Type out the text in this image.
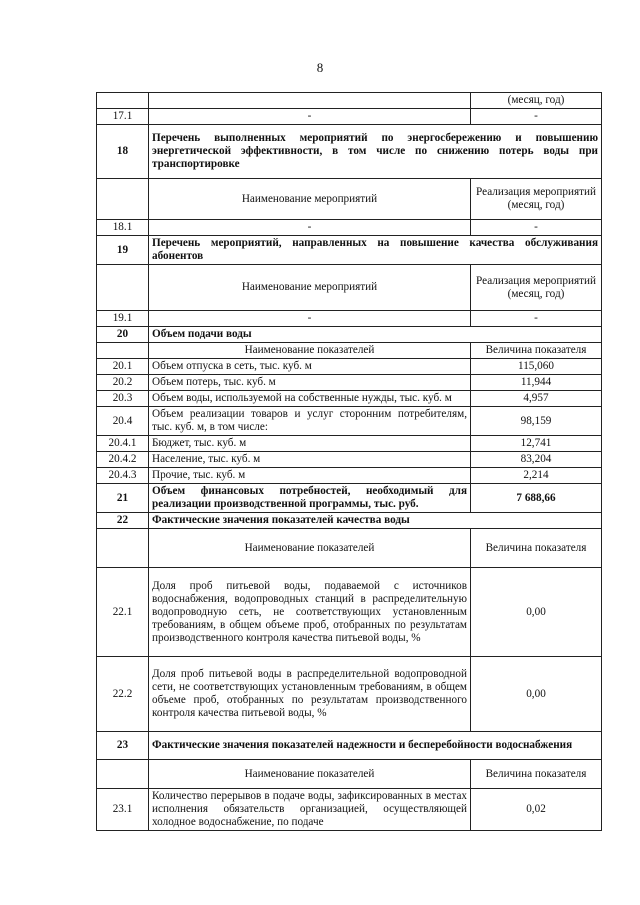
8
		(месяц, год)
17.1	-	-
18	Перечень выполненных мероприятий по энергосбережению и повышению энергетической эффективности, в том числе по снижению потерь воды при транспортировке	
	Наименование мероприятий	Реализация мероприятий (месяц, год)
18.1	-	-
19	Перечень мероприятий, направленных на повышение качества обслуживания абонентов	
	Наименование мероприятий	Реализация мероприятий (месяц, год)
19.1	-	-
20	Объем подачи воды	
	Наименование показателей	Величина показателя
20.1	Объем отпуска в сеть, тыс. куб. м	115,060
20.2	Объем потерь, тыс. куб. м	11,944
20.3	Объем воды, используемой на собственные нужды, тыс. куб. м	4,957
20.4	Объем реализации товаров и услуг сторонним потребителям, тыс. куб. м, в том числе:	98,159
20.4.1	Бюджет, тыс. куб. м	12,741
20.4.2	Население, тыс. куб. м	83,204
20.4.3	Прочие, тыс. куб. м	2,214
21	Объем финансовых потребностей, необходимый для реализации производственной программы, тыс. руб.	7 688,66
22	Фактические значения показателей качества воды	
	Наименование показателей	Величина показателя
22.1	Доля проб питьевой воды, подаваемой с источников водоснабжения, водопроводных станций в распределительную водопроводную сеть, не соответствующих установленным требованиям, в общем объеме проб, отобранных по результатам производственного контроля качества питьевой воды, %	0,00
22.2	Доля проб питьевой воды в распределительной водопроводной сети, не соответствующих установленным требованиям, в общем объеме проб, отобранных по результатам производственного контроля качества питьевой воды, %	0,00
23	Фактические значения показателей надежности и бесперебойности водоснабжения	
	Наименование показателей	Величина показателя
23.1	Количество перерывов в подаче воды, зафиксированных в местах исполнения обязательств организацией, осуществляющей холодное водоснабжение, по подаче	0,02
